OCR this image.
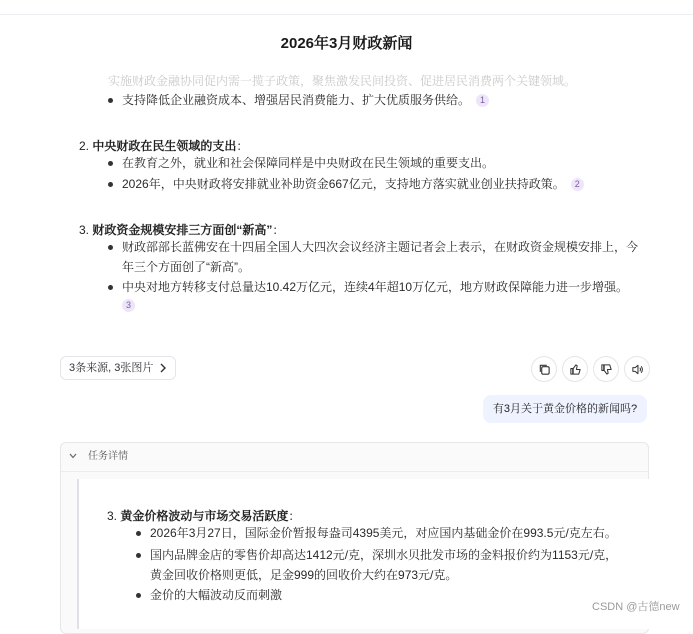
2026年3月财政新闻
实施财政金融协同促内需一揽子政策，聚焦激发民间投资、促进居民消费两个关键领域。
支持降低企业融资成本、增强居民消费能力、扩大优质服务供给。 1
2. 中央财政在民生领域的支出：
在教育之外，就业和社会保障同样是中央财政在民生领域的重要支出。
2026年，中央财政将安排就业补助资金667亿元，支持地方落实就业创业扶持政策。 2
3. 财政资金规模安排三方面创“新高”：
财政部部长蓝佛安在十四届全国人大四次会议经济主题记者会上表示，在财政资金规模安排上，今
年三个方面创了“新高”。
中央对地方转移支付总量达10.42万亿元，连续4年超10万亿元，地方财政保障能力进一步增强。
3
3条来源, 3张图片
有3月关于黄金价格的新闻吗?
任务详情
3. 黄金价格波动与市场交易活跃度：
2026年3月27日，国际金价暂报每盎司4395美元，对应国内基础金价在993.5元/克左右。
国内品牌金店的零售价却高达1412元/克，深圳水贝批发市场的金料报价约为1153元/克，
黄金回收价格则更低，足金999的回收价大约在973元/克。
金价的大幅波动反而刺激
CSDN @古德new
